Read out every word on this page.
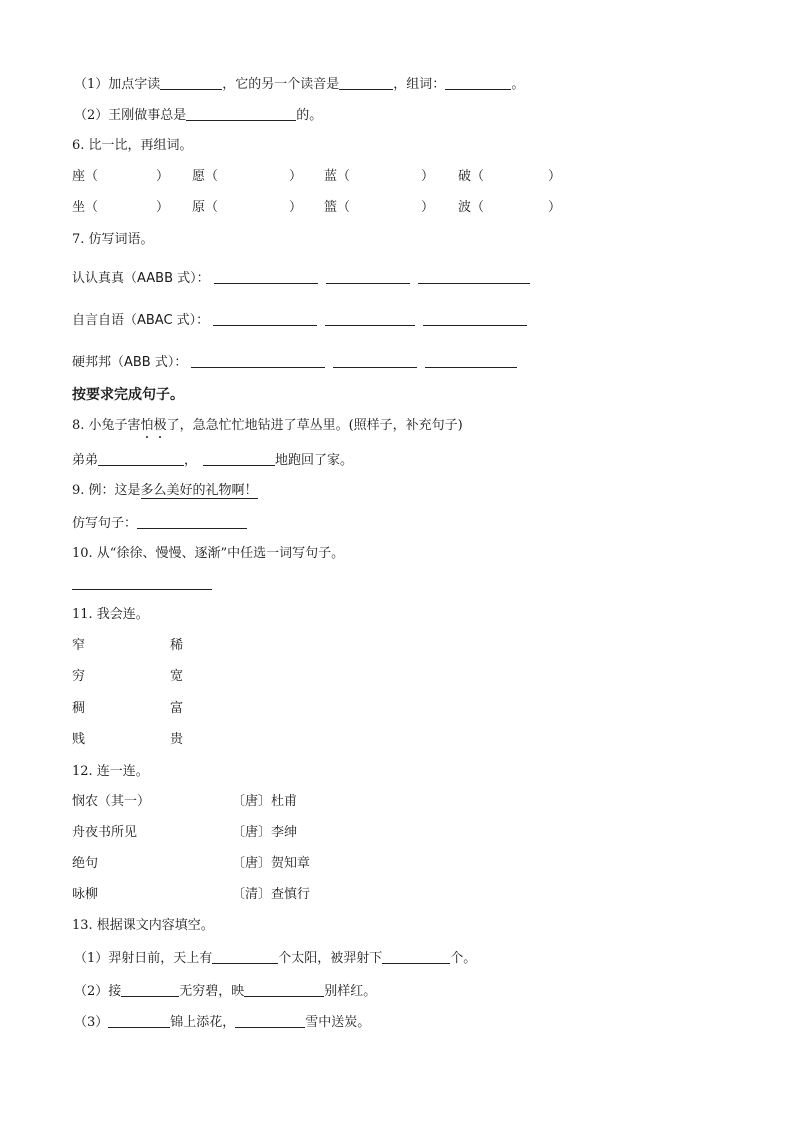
（1）加点字读	，它的另一个读音是	，组词：	。
（2）王刚做事总是	的。
6. 比一比，再组词。
座（	） 愿（	） 蓝（	） 破（	）
坐（	） 原（	） 篮（	） 波（	）
7. 仿写词语。
认认真真（AABB 式）：
自言自语（ABAC 式）：
硬邦邦（ABB 式）：
按要求完成句子。
8. 小兔子害怕极了，急急忙忙地钻进了草丛里。(照样子，补充句子)
弟弟	，	地跑回了家。
9. 例：这是多么美好的礼物啊！
仿写句子：
10. 从“徐徐、慢慢、逐渐”中任选一词写句子。
11. 我会连。
窄	稀
穷	宽
稠	富
贱	贵
12. 连一连。
悯农（其一）	〔唐〕杜甫
舟夜书所见	〔唐〕李绅
绝句	〔唐〕贺知章
咏柳	〔清〕查慎行
13. 根据课文内容填空。
（1）羿射日前，天上有	个太阳，被羿射下	个。
（2）接	无穷碧，映	别样红。
（3）	锦上添花，	雪中送炭。
